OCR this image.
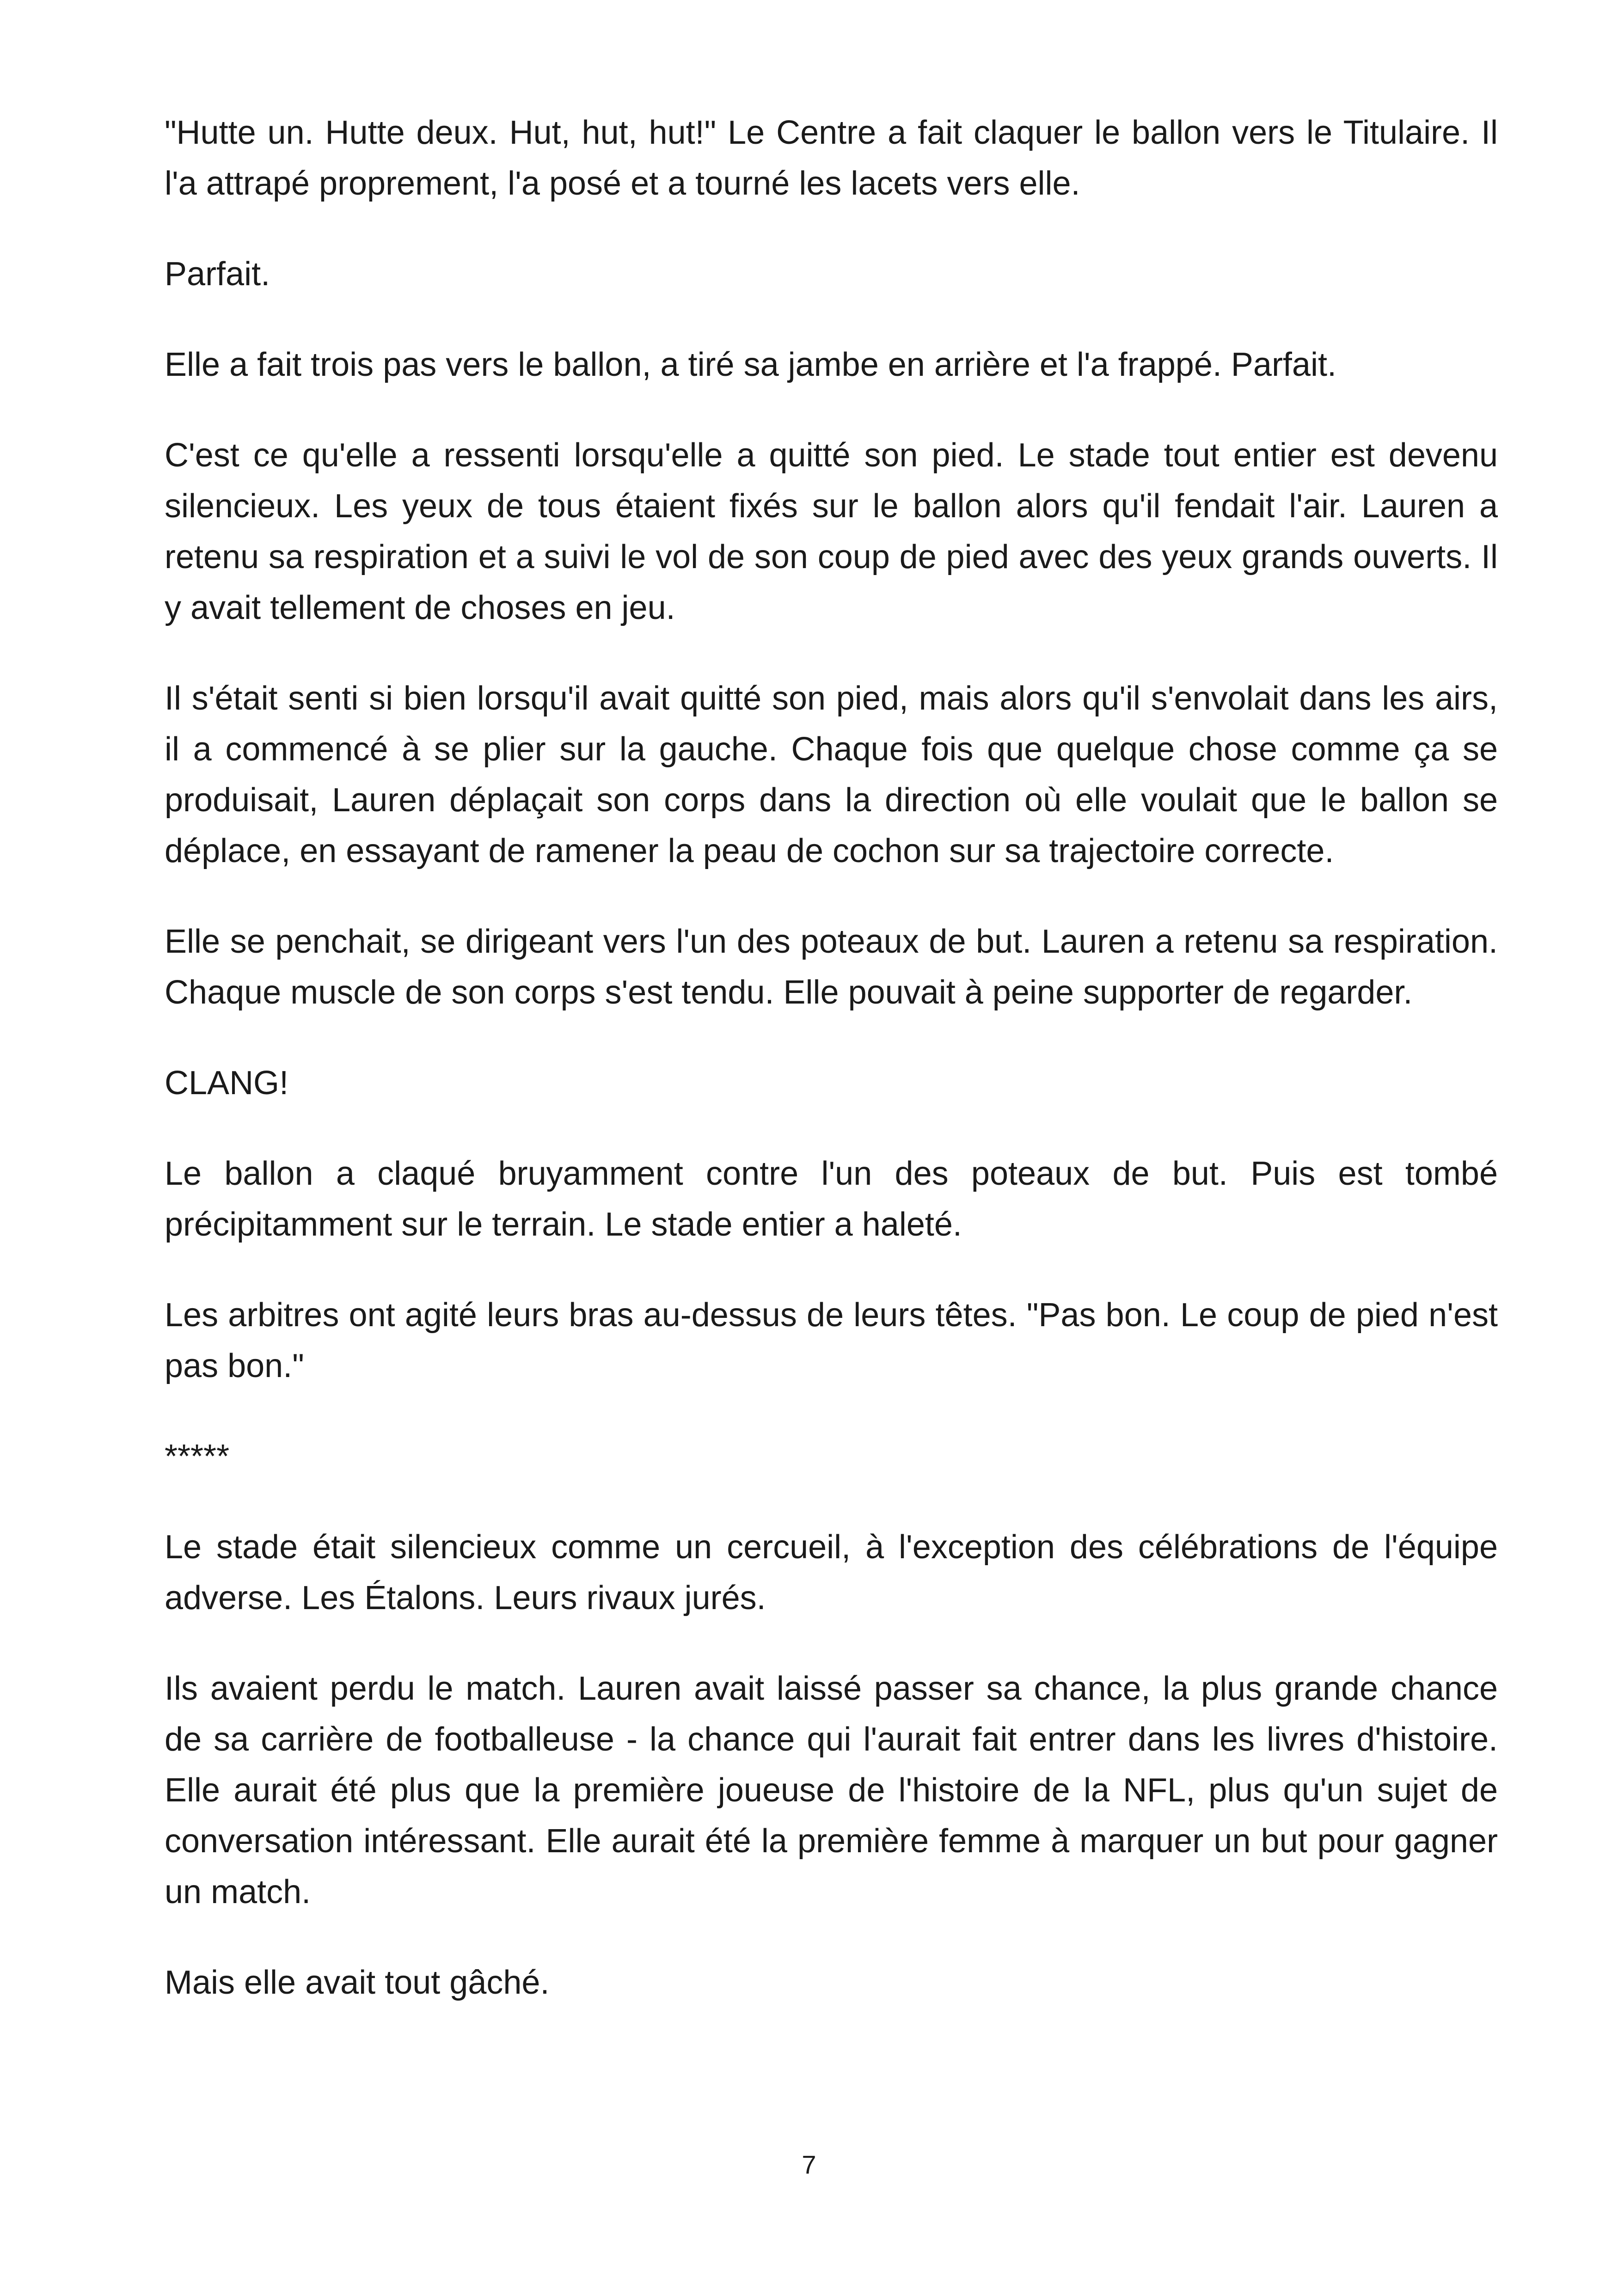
"Hutte un. Hutte deux. Hut, hut, hut!" Le Centre a fait claquer le ballon vers le Titulaire. Il l'a attrapé proprement, l'a posé et a tourné les lacets vers elle.

Parfait.

Elle a fait trois pas vers le ballon, a tiré sa jambe en arrière et l'a frappé. Parfait.

C'est ce qu'elle a ressenti lorsqu'elle a quitté son pied. Le stade tout entier est devenu silencieux. Les yeux de tous étaient fixés sur le ballon alors qu'il fendait l'air. Lauren a retenu sa respiration et a suivi le vol de son coup de pied avec des yeux grands ouverts. Il y avait tellement de choses en jeu.

Il s'était senti si bien lorsqu'il avait quitté son pied, mais alors qu'il s'envolait dans les airs, il a commencé à se plier sur la gauche. Chaque fois que quelque chose comme ça se produisait, Lauren déplaçait son corps dans la direction où elle voulait que le ballon se déplace, en essayant de ramener la peau de cochon sur sa trajectoire correcte.

Elle se penchait, se dirigeant vers l'un des poteaux de but. Lauren a retenu sa respiration. Chaque muscle de son corps s'est tendu. Elle pouvait à peine supporter de regarder.

CLANG!

Le ballon a claqué bruyamment contre l'un des poteaux de but. Puis est tombé précipitamment sur le terrain. Le stade entier a haleté.

Les arbitres ont agité leurs bras au-dessus de leurs têtes. "Pas bon. Le coup de pied n'est pas bon."

*****

Le stade était silencieux comme un cercueil, à l'exception des célébrations de l'équipe adverse. Les Étalons. Leurs rivaux jurés.

Ils avaient perdu le match. Lauren avait laissé passer sa chance, la plus grande chance de sa carrière de footballeuse - la chance qui l'aurait fait entrer dans les livres d'histoire. Elle aurait été plus que la première joueuse de l'histoire de la NFL, plus qu'un sujet de conversation intéressant. Elle aurait été la première femme à marquer un but pour gagner un match.

Mais elle avait tout gâché.

7
